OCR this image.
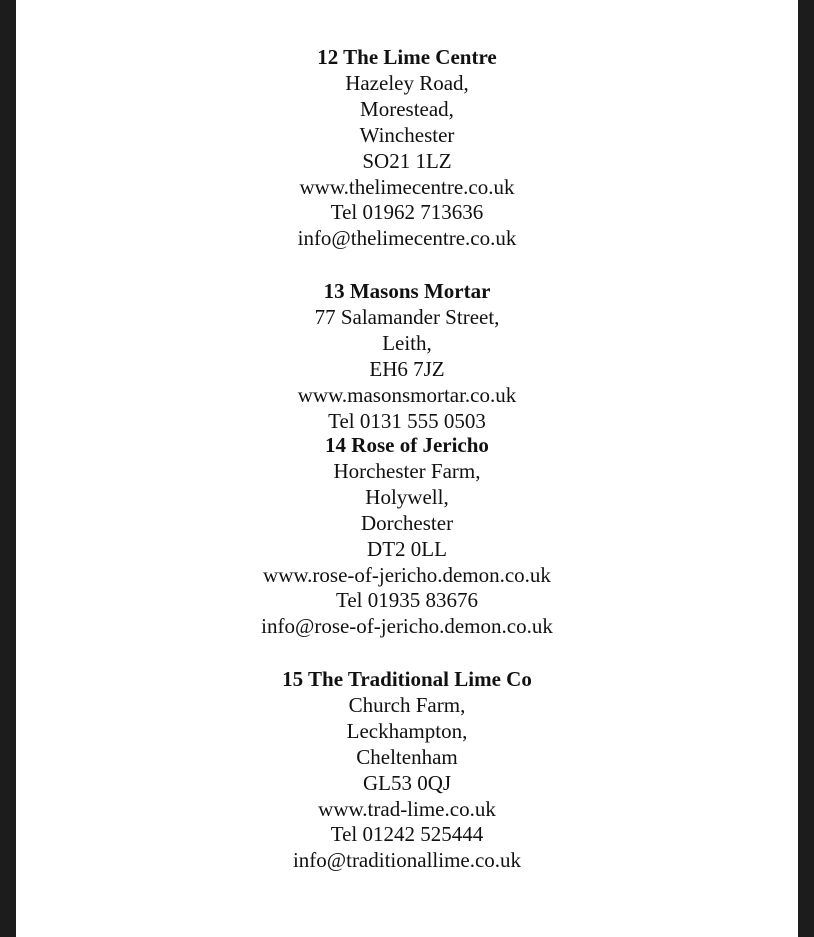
12 The Lime Centre
Hazeley Road,
Morestead,
Winchester
SO21 1LZ
www.thelimecentre.co.uk
Tel 01962 713636
info@thelimecentre.co.uk
13 Masons Mortar
77 Salamander Street,
Leith,
EH6 7JZ
www.masonsmortar.co.uk
Tel 0131 555 0503
14 Rose of Jericho
Horchester Farm,
Holywell,
Dorchester
DT2 0LL
www.rose-of-jericho.demon.co.uk
Tel 01935 83676
info@rose-of-jericho.demon.co.uk
15 The Traditional Lime Co
Church Farm,
Leckhampton,
Cheltenham
GL53 0QJ
www.trad-lime.co.uk
Tel 01242 525444
info@traditionallime.co.uk
